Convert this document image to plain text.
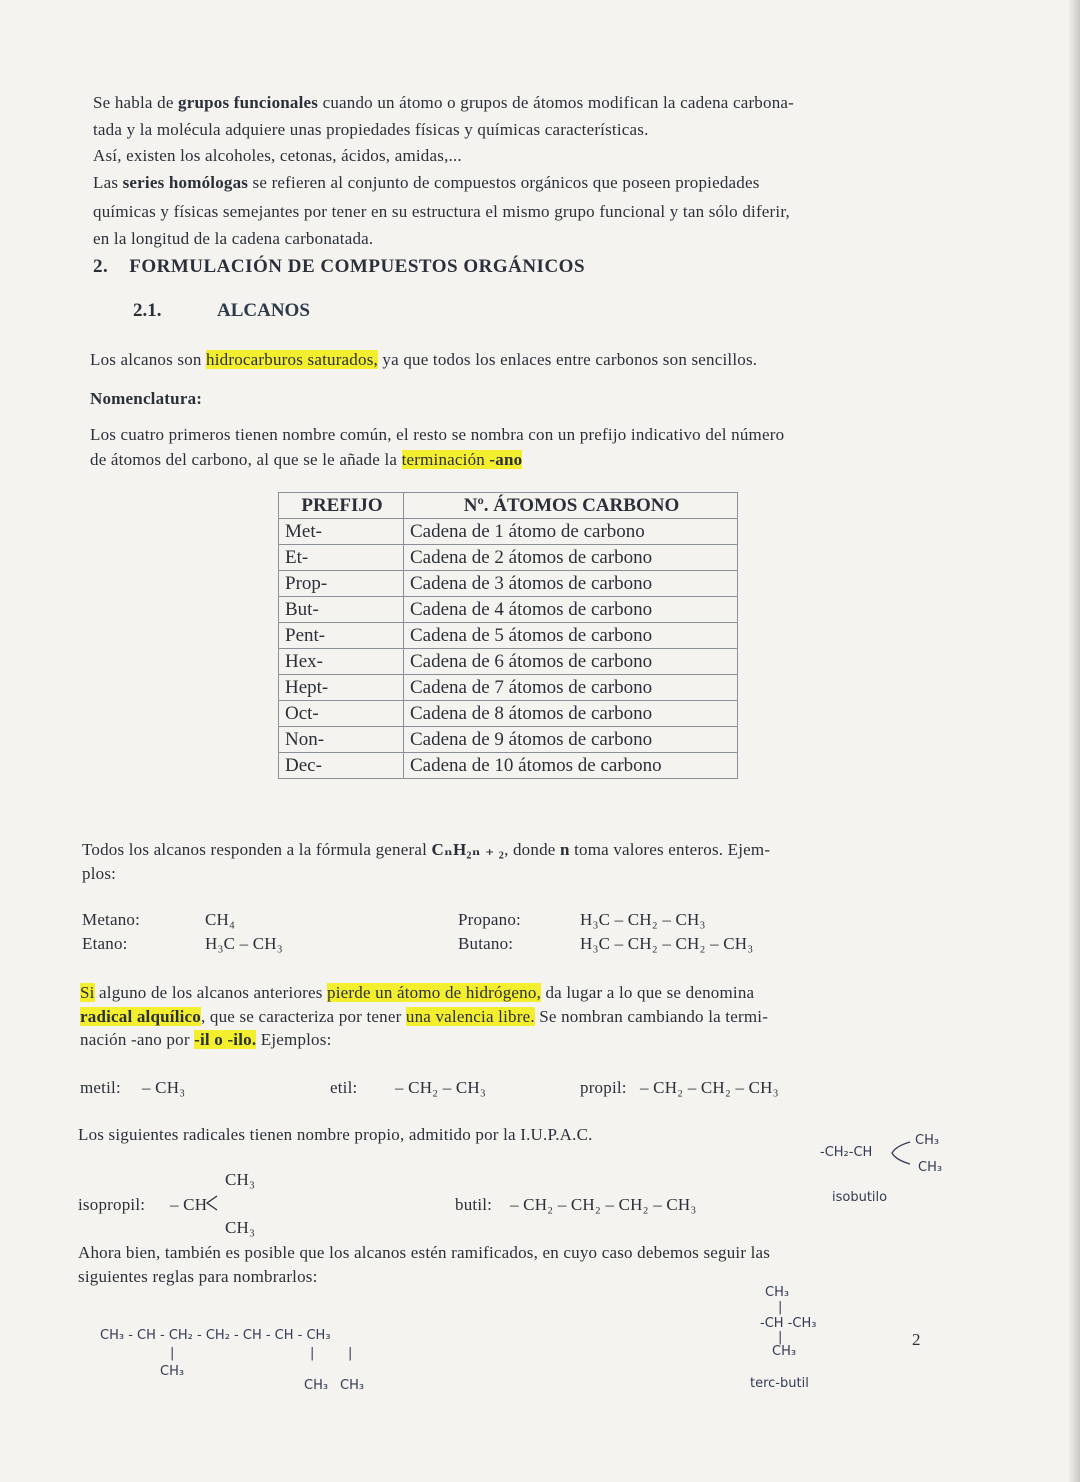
Se habla de grupos funcionales cuando un átomo o grupos de átomos modifican la cadena carbona-
tada y la molécula adquiere unas propiedades físicas y químicas características.
Así, existen los alcoholes, cetonas, ácidos, amidas,...
Las series homólogas se refieren al conjunto de compuestos orgánicos que poseen propiedades
químicas y físicas semejantes por tener en su estructura el mismo grupo funcional y tan sólo diferir,
en la longitud de la cadena carbonatada.
2. FORMULACIÓN DE COMPUESTOS ORGÁNICOS
2.1.	ALCANOS
Los alcanos son hidrocarburos saturados, ya que todos los enlaces entre carbonos son sencillos.
Nomenclatura:
Los cuatro primeros tienen nombre común, el resto se nombra con un prefijo indicativo del número
de átomos del carbono, al que se le añade la terminación -ano
PREFIJO	Nº. ÁTOMOS CARBONO
Met-	Cadena de 1 átomo de carbono
Et-	Cadena de 2 átomos de carbono
Prop-	Cadena de 3 átomos de carbono
But-	Cadena de 4 átomos de carbono
Pent-	Cadena de 5 átomos de carbono
Hex-	Cadena de 6 átomos de carbono
Hept-	Cadena de 7 átomos de carbono
Oct-	Cadena de 8 átomos de carbono
Non-	Cadena de 9 átomos de carbono
Dec-	Cadena de 10 átomos de carbono
Todos los alcanos responden a la fórmula general CₙH₂ₙ ₊ ₂, donde n toma valores enteros. Ejem-
plos:
Metano:	CH₄
Etano:	H₃C – CH₃
Propano:	H₃C – CH₂ – CH₃
Butano:	H₃C – CH₂ – CH₂ – CH₃
Si alguno de los alcanos anteriores pierde un átomo de hidrógeno, da lugar a lo que se denomina
radical alquílico, que se caracteriza por tener una valencia libre. Se nombran cambiando la termi-
nación -ano por -il o -ilo. Ejemplos:
metil: – CH₃	etil: – CH₂ – CH₃	propil: – CH₂ – CH₂ – CH₃
Los siguientes radicales tienen nombre propio, admitido por la I.U.P.A.C.
CH₃
isopropil: – CH
CH₃
butil: – CH₂ – CH₂ – CH₂ – CH₃
Ahora bien, también es posible que los alcanos estén ramificados, en cuyo caso debemos seguir las
siguientes reglas para nombrarlos:
-CH₂-CH
CH₃
CH₃
isobutilo
CH₃
|
-CH -CH₃
|
CH₃
terc-butil
CH₃ - CH - CH₂ - CH₂ - CH - CH - CH₃
|
CH₃
|
CH₃
|
CH₃
2
